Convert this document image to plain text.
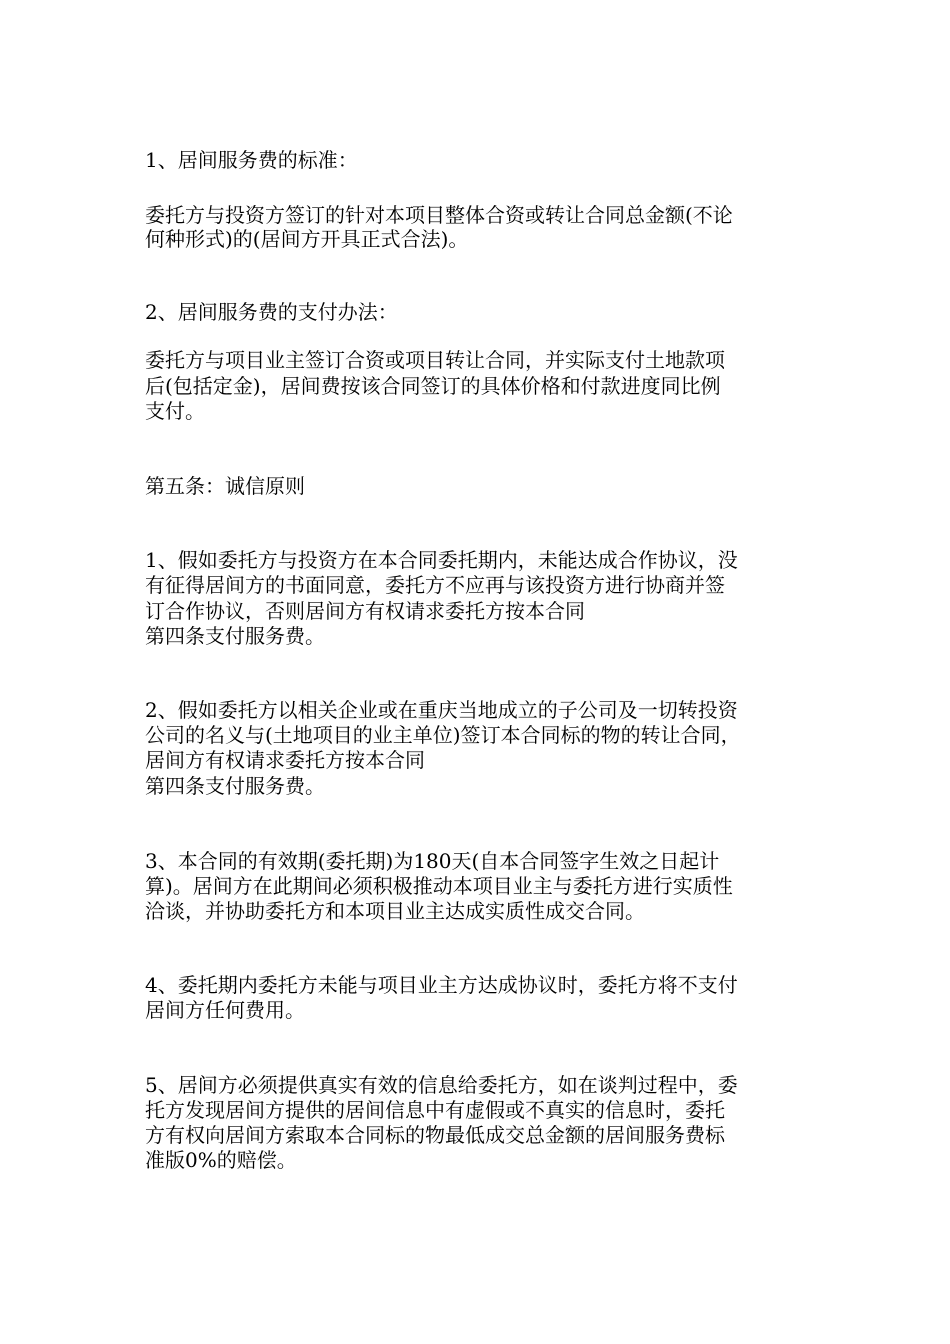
1、居间服务费的标准：
委托方与投资方签订的针对本项目整体合资或转让合同总金额(不论
何种形式)的(居间方开具正式合法)。
2、居间服务费的支付办法：
委托方与项目业主签订合资或项目转让合同，并实际支付土地款项
后(包括定金)，居间费按该合同签订的具体价格和付款进度同比例
支付。
第五条：诚信原则
1、假如委托方与投资方在本合同委托期内，未能达成合作协议，没
有征得居间方的书面同意，委托方不应再与该投资方进行协商并签
订合作协议，否则居间方有权请求委托方按本合同
第四条支付服务费。
2、假如委托方以相关企业或在重庆当地成立的子公司及一切转投资
公司的名义与(土地项目的业主单位)签订本合同标的物的转让合同，
居间方有权请求委托方按本合同
第四条支付服务费。
3、本合同的有效期(委托期)为180天(自本合同签字生效之日起计
算)。居间方在此期间必须积极推动本项目业主与委托方进行实质性
洽谈，并协助委托方和本项目业主达成实质性成交合同。
4、委托期内委托方未能与项目业主方达成协议时，委托方将不支付
居间方任何费用。
5、居间方必须提供真实有效的信息给委托方，如在谈判过程中，委
托方发现居间方提供的居间信息中有虚假或不真实的信息时，委托
方有权向居间方索取本合同标的物最低成交总金额的居间服务费标
准版0%的赔偿。
